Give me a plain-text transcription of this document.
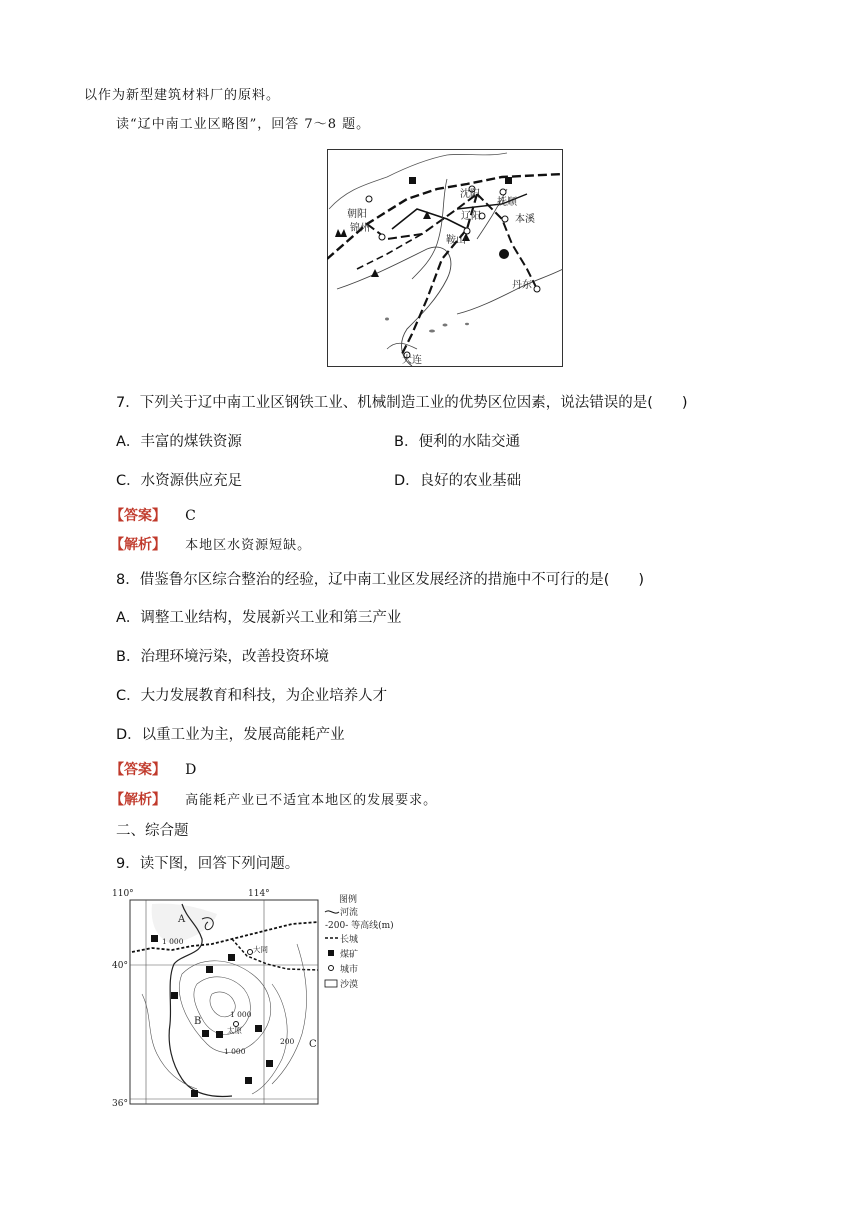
以作为新型建筑材料厂的原料。
读“辽中南工业区略图”，回答 7～8 题。
沈阳
抚顺
朝阳	辽阳	本溪
锦州
鞍山
丹东
大连
7．下列关于辽中南工业区钢铁工业、机械制造工业的优势区位因素，说法错误的是(　　)
A．丰富的煤铁资源	B．便利的水陆交通
C．水资源供应充足	D．良好的农业基础
【答案】 C
【解析】 本地区水资源短缺。
8．借鉴鲁尔区综合整治的经验，辽中南工业区发展经济的措施中不可行的是(　　)
A．调整工业结构，发展新兴工业和第三产业
B．治理环境污染，改善投资环境
C．大力发展教育和科技，为企业培养人才
D．以重工业为主，发展高能耗产业
【答案】 D
【解析】 高能耗产业已不适宜本地区的发展要求。
二、综合题
9．读下图，回答下列问题。
110°	114°
40°
36°
A
B
C
1 000
1 000
1 000
200
大同
太原
图例
河流
-200- 等高线(m)
长城
煤矿
城市
沙漠
